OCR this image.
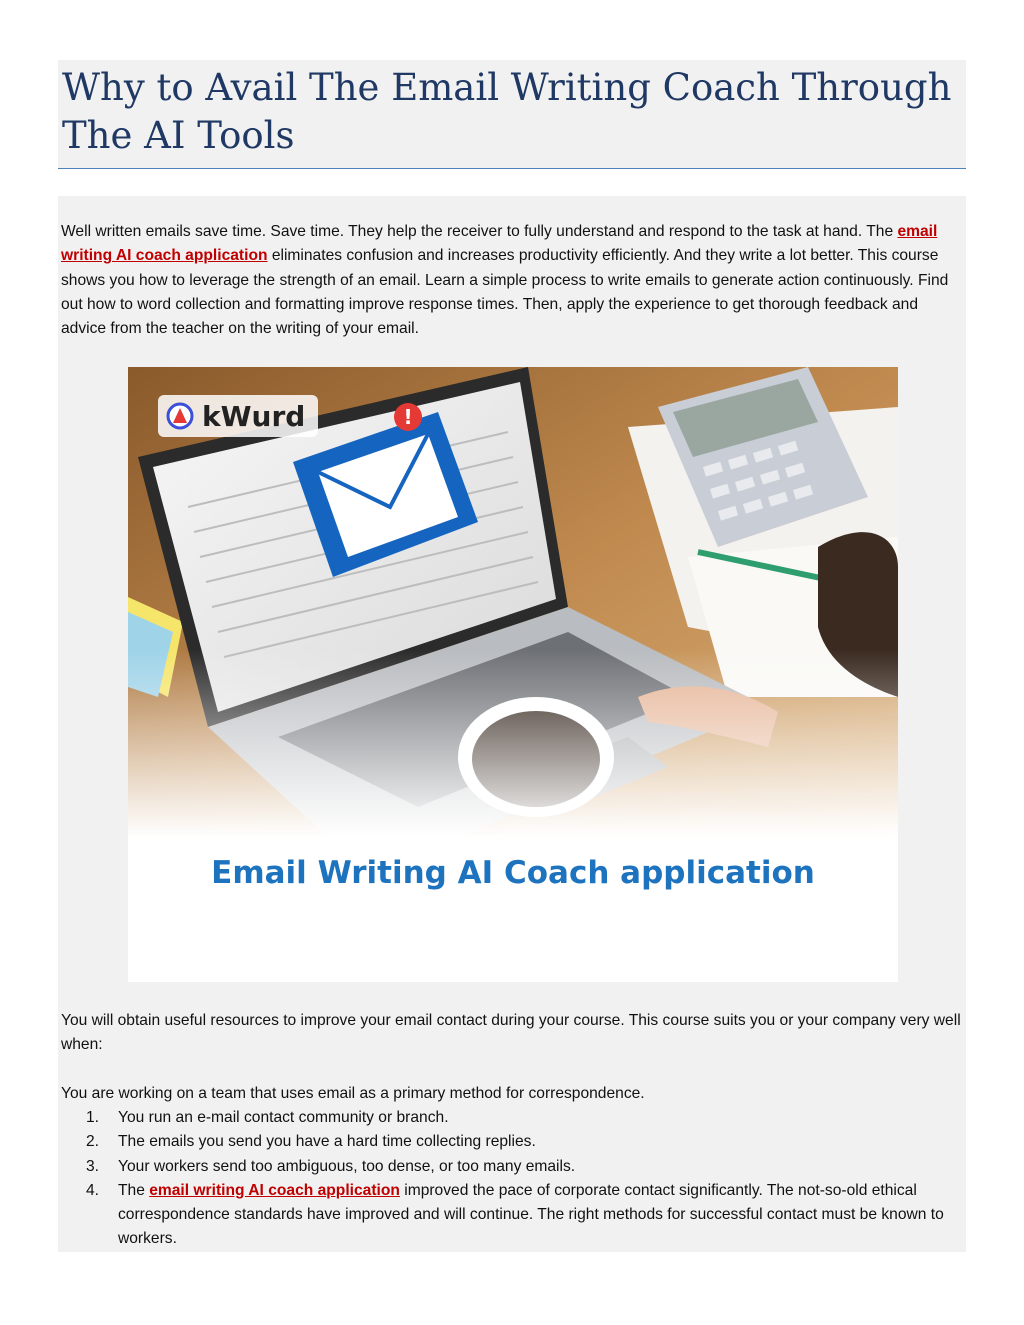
Why to Avail The Email Writing Coach Through The AI Tools

Well written emails save time. Save time. They help the receiver to fully understand and respond to the task at hand. The email writing AI coach application eliminates confusion and increases productivity efficiently. And they write a lot better. This course shows you how to leverage the strength of an email. Learn a simple process to write emails to generate action continuously. Find out how to word collection and formatting improve response times. Then, apply the experience to get thorough feedback and advice from the teacher on the writing of your email.

Email Writing AI Coach application

You will obtain useful resources to improve your email contact during your course. This course suits you or your company very well when:

You are working on a team that uses email as a primary method for correspondence.

1. You run an e-mail contact community or branch.
2. The emails you send you have a hard time collecting replies.
3. Your workers send too ambiguous, too dense, or too many emails.
4. The email writing AI coach application improved the pace of corporate contact significantly. The not-so-old ethical correspondence standards have improved and will continue. The right methods for successful contact must be known to workers.
